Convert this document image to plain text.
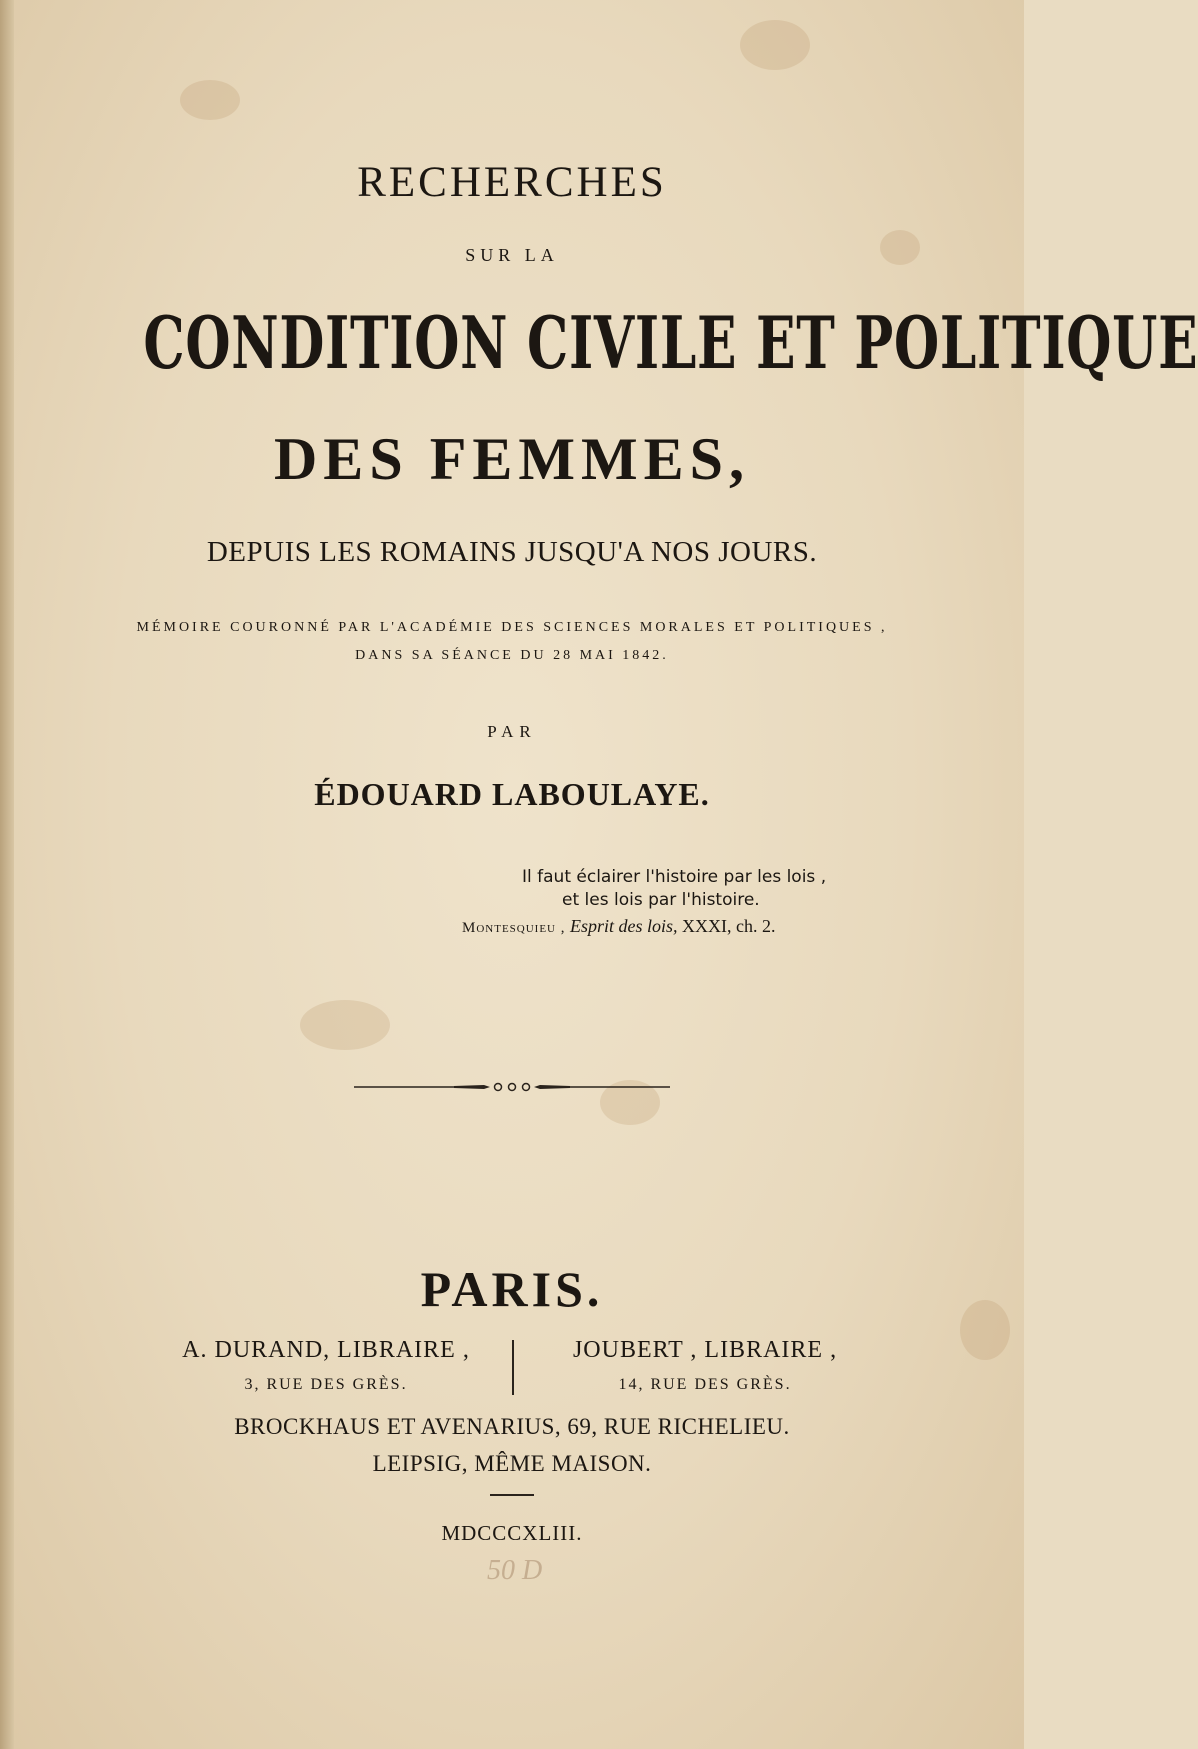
RECHERCHES
SUR LA
CONDITION CIVILE ET POLITIQUE
DES FEMMES,
DEPUIS LES ROMAINS JUSQU'A NOS JOURS.
MÉMOIRE COURONNÉ PAR L'ACADÉMIE DES SCIENCES MORALES ET POLITIQUES ,
DANS SA SÉANCE DU 28 MAI 1842.
PAR
ÉDOUARD LABOULAYE.
Il faut éclairer l'histoire par les lois ,
et les lois par l'histoire.
Montesquieu , Esprit des lois, XXXI, ch. 2.
PARIS.
A. DURAND, LIBRAIRE ,
3, RUE DES GRÈS.
JOUBERT , LIBRAIRE ,
14, RUE DES GRÈS.
BROCKHAUS ET AVENARIUS, 69, RUE RICHELIEU.
LEIPSIG, MÊME MAISON.
MDCCCXLIII.
50 D
